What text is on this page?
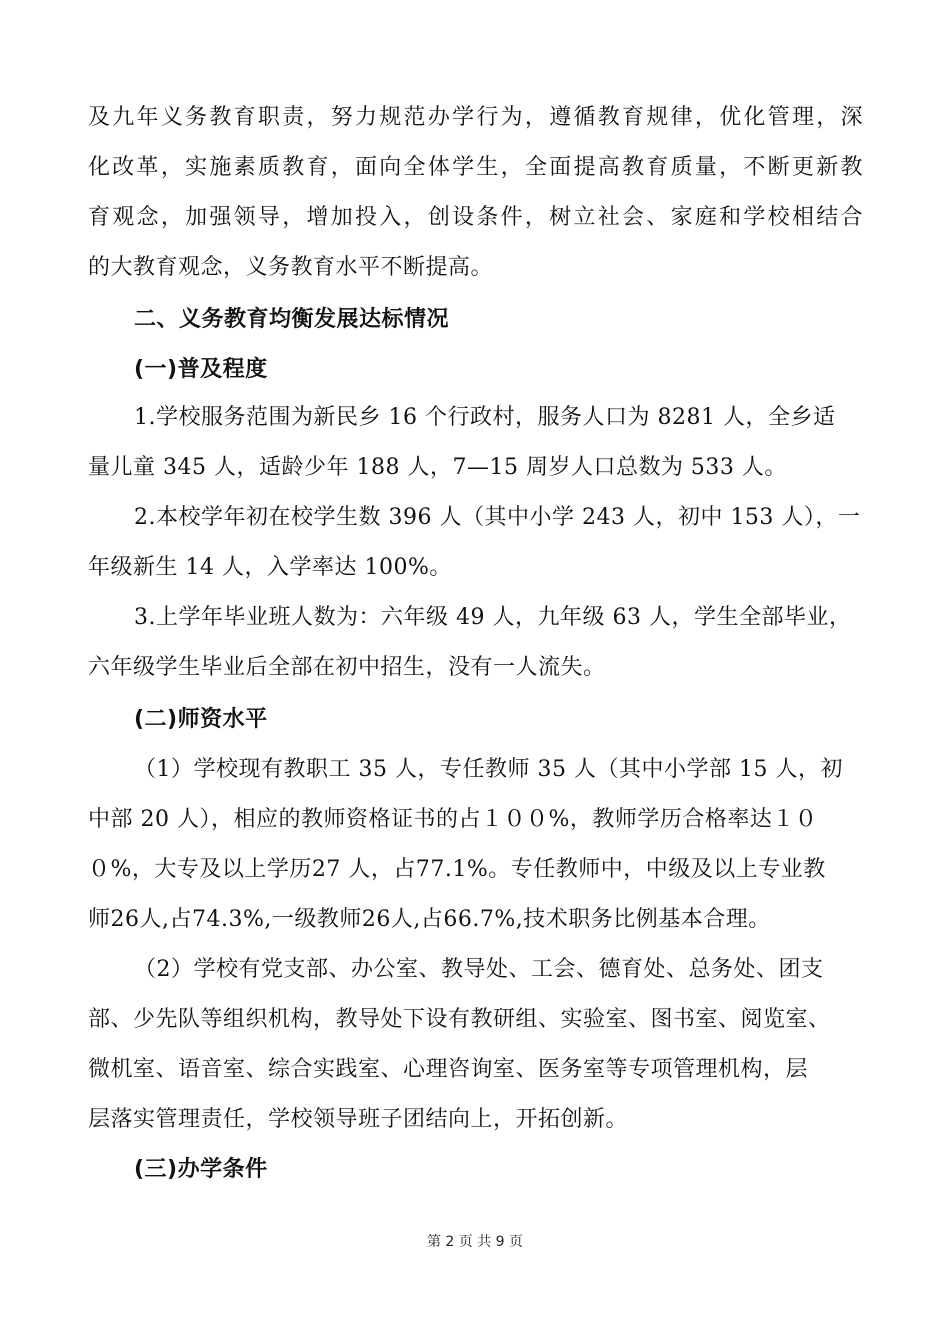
及九年义务教育职责，努力规范办学行为，遵循教育规律，优化管理，深
化改革，实施素质教育，面向全体学生，全面提高教育质量，不断更新教
育观念，加强领导，增加投入，创设条件，树立社会、家庭和学校相结合
的大教育观念，义务教育水平不断提高。
二、义务教育均衡发展达标情况
(一)普及程度
1.学校服务范围为新民乡 16 个行政村，服务人口为 8281 人，全乡适
量儿童 345 人，适龄少年 188 人，7—15 周岁人口总数为 533 人。
2.本校学年初在校学生数 396 人（其中小学 243 人，初中 153 人），一
年级新生 14 人，入学率达 100%。
3.上学年毕业班人数为：六年级 49 人，九年级 63 人，学生全部毕业，
六年级学生毕业后全部在初中招生，没有一人流失。
(二)师资水平
（1）学校现有教职工 35 人，专任教师 35 人（其中小学部 15 人，初
中部 20 人），相应的教师资格证书的占１００%，教师学历合格率达１０
０%，大专及以上学历27 人，占77.1%。专任教师中，中级及以上专业教
师26人,占74.3%,一级教师26人,占66.7%,技术职务比例基本合理。
（2）学校有党支部、办公室、教导处、工会、德育处、总务处、团支
部、少先队等组织机构，教导处下设有教研组、实验室、图书室、阅览室、
微机室、语音室、综合实践室、心理咨询室、医务室等专项管理机构，层
层落实管理责任，学校领导班子团结向上，开拓创新。
(三)办学条件
第 2 页 共 9 页
